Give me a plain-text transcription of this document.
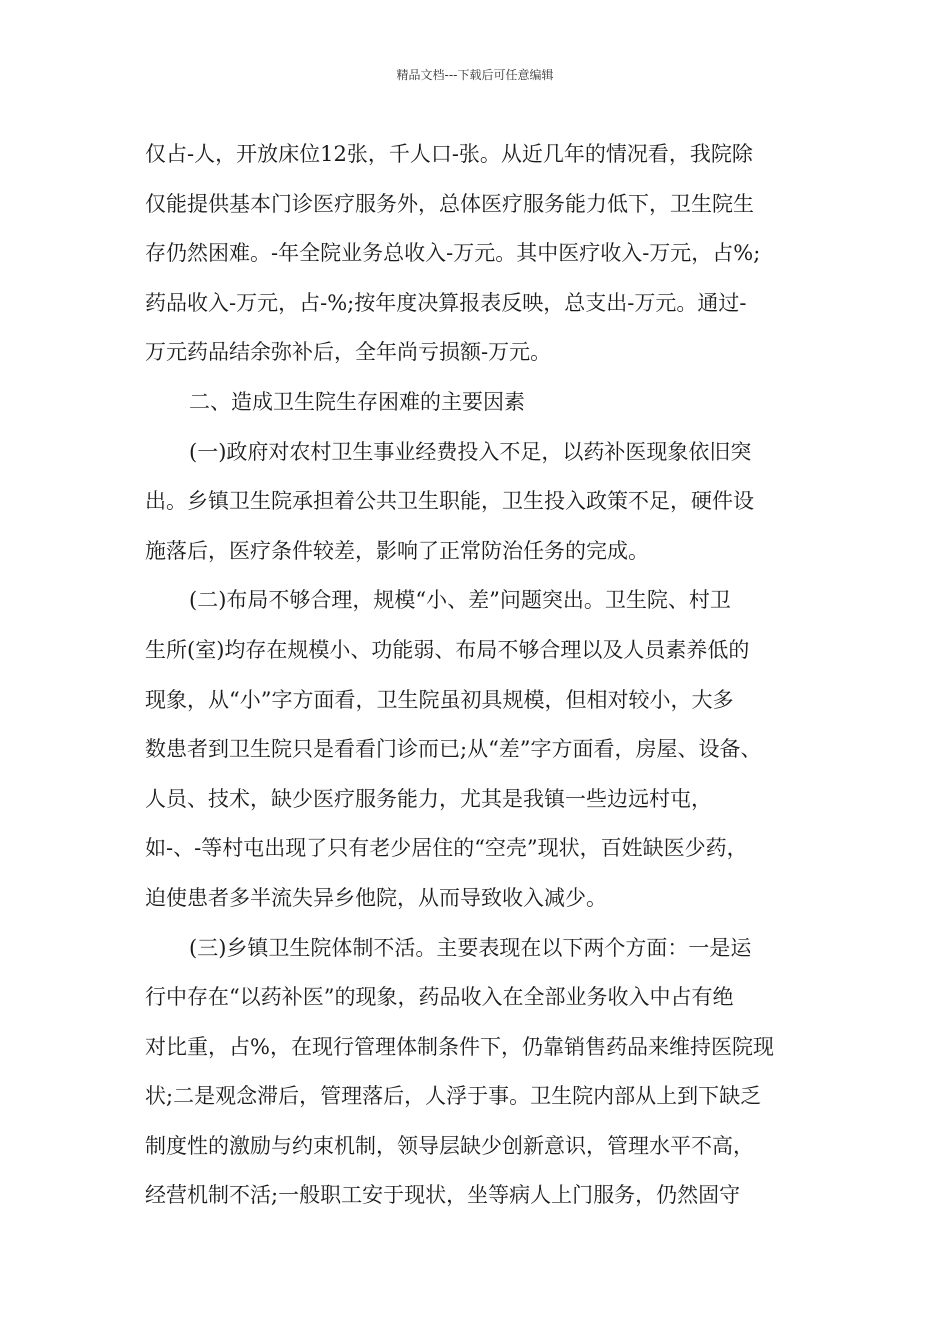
精品文档---下载后可任意编辑

仅占-人，开放床位12张，千人口-张。从近几年的情况看，我院除
仅能提供基本门诊医疗服务外，总体医疗服务能力低下，卫生院生
存仍然困难。-年全院业务总收入-万元。其中医疗收入-万元，占%;
药品收入-万元，占-%;按年度决算报表反映，总支出-万元。通过-
万元药品结余弥补后，全年尚亏损额-万元。

二、造成卫生院生存困难的主要因素

(一)政府对农村卫生事业经费投入不足，以药补医现象依旧突
出。乡镇卫生院承担着公共卫生职能，卫生投入政策不足，硬件设
施落后，医疗条件较差，影响了正常防治任务的完成。

(二)布局不够合理，规模“小、差”问题突出。卫生院、村卫
生所(室)均存在规模小、功能弱、布局不够合理以及人员素养低的
现象，从“小”字方面看，卫生院虽初具规模，但相对较小，大多
数患者到卫生院只是看看门诊而已;从“差”字方面看，房屋、设备、
人员、技术，缺少医疗服务能力，尤其是我镇一些边远村屯，
如-、-等村屯出现了只有老少居住的“空壳”现状，百姓缺医少药，
迫使患者多半流失异乡他院，从而导致收入减少。

(三)乡镇卫生院体制不活。主要表现在以下两个方面：一是运
行中存在“以药补医”的现象，药品收入在全部业务收入中占有绝
对比重，占%，在现行管理体制条件下，仍靠销售药品来维持医院现
状;二是观念滞后，管理落后，人浮于事。卫生院内部从上到下缺乏
制度性的激励与约束机制，领导层缺少创新意识，管理水平不高，
经营机制不活;一般职工安于现状，坐等病人上门服务，仍然固守
